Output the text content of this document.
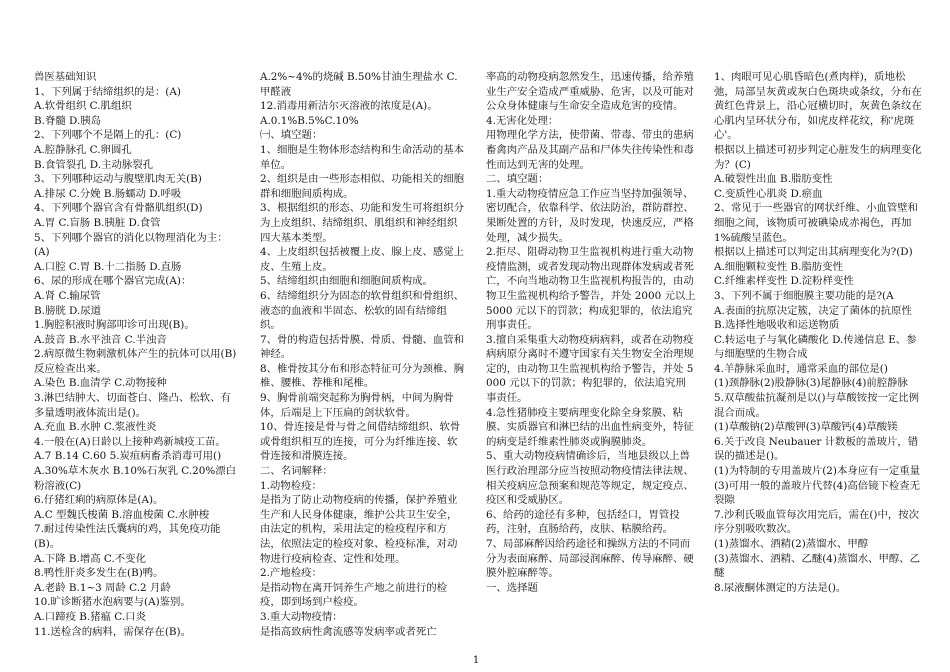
兽医基础知识
1、下列属于结缔组织的是：(A)
A.软骨组织 C.肌组织
B.脊髓 D.胰岛
2、下列哪个不是隔上的孔：(C)
A.腔静脉孔 C.卵圆孔
B.食管裂孔 D.主动脉裂孔
3、下列哪种运动与腹壁肌肉无关(B)
A.排尿 C.分娩 B.肠蠕动 D.呼吸
4、下列哪个器官含有骨骼肌组织(D)
A.胃 C.盲肠 B.胰脏 D.食管
5、下列哪个器官的消化以物理消化为主：(A)
A.口腔 C.胃 B.十二指肠 D.直肠
6、尿的形成在哪个器官完成(A)：
A.肾 C.输尿管
B.膀胱 D.尿道
1.胸腔积液时胸部叩诊可出现(B)。
A.鼓音 B.水平浊音 C.半浊音
2.病原微生物刺激机体产生的抗体可以用(B)反应检查出来。
A.染色 B.血清学 C.动物接种
3.淋巴结肿大、切面苍白、隆凸、松软、有多量透明液体流出是()。
A.充血 B.水肿 C.浆液性炎
4.一般在(A)日龄以上接种鸡新城疫工苗。
A.7 B.14 C.60 5.炭疽病畜杀消毒可用()
A.30%草木灰水 B.10%石灰乳 C.20%漂白粉溶液(C)
6.仔猪红痢的病原体是(A)。
A.C 型魏氏梭菌 B.溶血梭菌 C.水肿梭
7.耐过传染性法氏囊病的鸡，其免疫功能(B)。
A.下降 B.增高 C.不变化
8.鸭性肝炎多发生在(B)鸭。
A.老龄 B.1~3 周龄 C.2 月龄
10.旷诊断猪水泡病要与(A)鉴别。
A.口蹄疫 B.猪瘟 C.口炎
11.送检含的病料，需保存在(B)。
A.2%~4%的烧碱 B.50%甘油生理盐水 C.甲醛液
12.消毒用新洁尔灭溶液的浓度是(A)。
A.0.1%B.5%C.10%
㈠、填空题：
1、细胞是生物体形态结构和生命活动的基本单位。
2、组织是由一些形态相似、功能相关的细胞群和细胞间质构成。
3、根据组织的形态、功能和发生可将组织分为上皮组织、结缔组织、肌组织和神经组织四大基本类型。
4、上皮组织包括被覆上皮、腺上皮、感觉上皮、生殖上皮。
5、结缔组织由细胞和细胞间质构成。
6、结缔组织分为固态的软骨组织和骨组织、液态的血液和半固态、松软的固有结缔组织。
7、骨的构造包括骨膜、骨质、骨髓、血管和神经。
8、椎骨按其分布和形态特征可分为颈椎、胸椎、腰椎、荐椎和尾椎。
9、胸骨前端突起称为胸骨柄，中间为胸骨体，后端是上下压扁的剑状软骨。
10、骨连接是骨与骨之间借结缔组织、软骨或骨组织相互的连接，可分为纤维连接、软骨连接和滑膜连接。
二、名词解释：
1.动物检疫：
是指为了防止动物疫病的传播，保护养殖业生产和人民身体健康，维护公共卫生安全，由法定的机构，采用法定的检疫程序和方法，依照法定的检疫对象、检疫标准，对动物进行疫病检查、定性和处理。
2.产地检疫：
是指动物在离开饲养生产地之前进行的检疫，即到场到户检疫。
3.重大动物疫情：
是指高致病性禽流感等发病率或者死亡
率高的动物疫病忽然发生，迅速传播，给养殖业生产安全造成严重威胁、危害，以及可能对公众身体健康与生命安全造成危害的疫情。
4.无害化处理：
用物理化学方法，使带菌、带毒、带虫的患病畜禽肉产品及其副产品和尸体失往传染性和毒性而达到无害的处理。
二、填空题：
1.重大动物疫情应急工作应当坚持加强领导、密切配合，依靠科学、依法防治，群防群控、果断处置的方针，及时发现，快速反应，严格处理，减少损失。
2.拒尽、阻碍动物卫生监视机构进行重大动物疫情监测，或者发现动物出现群体发病或者死亡，不向当地动物卫生监视机构报告的，由动物卫生监视机构给予警告，并处 2000 元以上 5000 元以下的罚款；构成犯罪的，依法追究刑事责任。
3.擅自采集重大动物疫病病料，或者在动物疫病病原分离时不遵守国家有关生物安全治理规定的，由动物卫生监视机构给予警告，并处 5000 元以下的罚款；构犯罪的，依法追究刑事责任。
4.急性猪肺疫主要病理变化除全身浆膜、粘膜、实质器官和淋巴结的出血性病变外，特征的病变是纤维素性肺炎或胸膜肺炎。
5、重大动物疫病情确诊后，当地县级以上兽医行政治理部分应当按照动物疫情法律法规、相关疫病应急预案和规范等规定，规定疫点、疫区和受威胁区。
6、给药的途径有多种，包括经口，胃管投药，注射，直肠给药，皮肤、粘膜给药。
7、局部麻醉因给药途径和操纵方法的不同而分为表面麻醉、局部浸润麻醉、传导麻醉、硬膜外腔麻醉等。
一、选择题
1、肉眼可见心肌昏暗色(煮肉样)，质地松弛，局部呈灰黄或灰白色斑块或条纹，分布在黄红色背景上，沿心冠横切时，灰黄色条纹在心肌内呈环状分布，如虎皮样花纹，称'虎斑心'。
根据以上描述可初步判定心脏发生的病理变化为？(C)
A.破裂性出血 B.脂肪变性
C.变质性心肌炎 D.瘀血
2、常见于一些器官的网状纤维、小血管壁和细胞之间，该物质可被碘染成赤褐色，再加 1%硫酸呈蓝色。
根据以上描述可以判定出其病理变化为?(D)
A.细胞颗粒变性 B.脂肪变性
C.纤维素样变性 D.淀粉样变性
3、下列不属于细胞膜主要功能的是?(A
A.表面的抗原决定簇，决定了菌体的抗原性 B.选择性地吸收和运送物质
C.转运电子与氧化磷酸化 D.传递信息 E、参与细胞壁的生物合成
4.羊静脉采血时，通常采血的部位是()
(1)颈静脉(2)股静脉(3)尾静脉(4)前腔静脉
5.双草酸盐抗凝剂是以()与草酸铵按一定比例混合而成。
(1)草酸钠(2)草酸钾(3)草酸钙(4)草酸镁
6.关于改良 Neubauer 计数板的盖玻片，错误的描述是()。
(1)为特制的专用盖玻片(2)本身应有一定重量
(3)可用一般的盖玻片代替(4)高倍镜下检查无裂隙
7.沙利氏吸血管每次用完后，需在()中，按次序分别吸吹数次。
(1)蒸馏水、酒精(2)蒸馏水、甲醇
(3)蒸馏水、酒精、乙醚(4)蒸馏水、甲醇、乙醚
8.尿液酮体测定的方法是()。
1
